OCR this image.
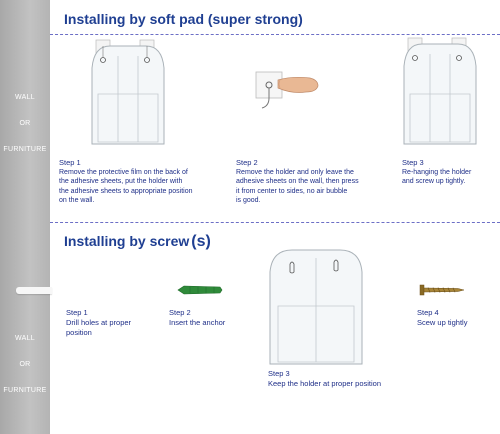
WALL
OR
FURNITURE
WALL
OR
FURNITURE
Installing by soft pad (super strong)
Step 1
Remove the protective film on the back of
the adhesive sheets, put the holder with
the adhesive sheets to appropriate position
on the wall.
Step 2
Remove the holder and only leave the
adhesive sheets on the wall, then press
it from center to sides, no air bubble
is good.
Step 3
Re-hanging the holder
and screw up tightly.
Installing by screw (s)
Step 1
Drill holes at proper
position
Step 2
Insert the anchor
Step 3
Keep the holder at proper position
Step 4
Scew up tightly
